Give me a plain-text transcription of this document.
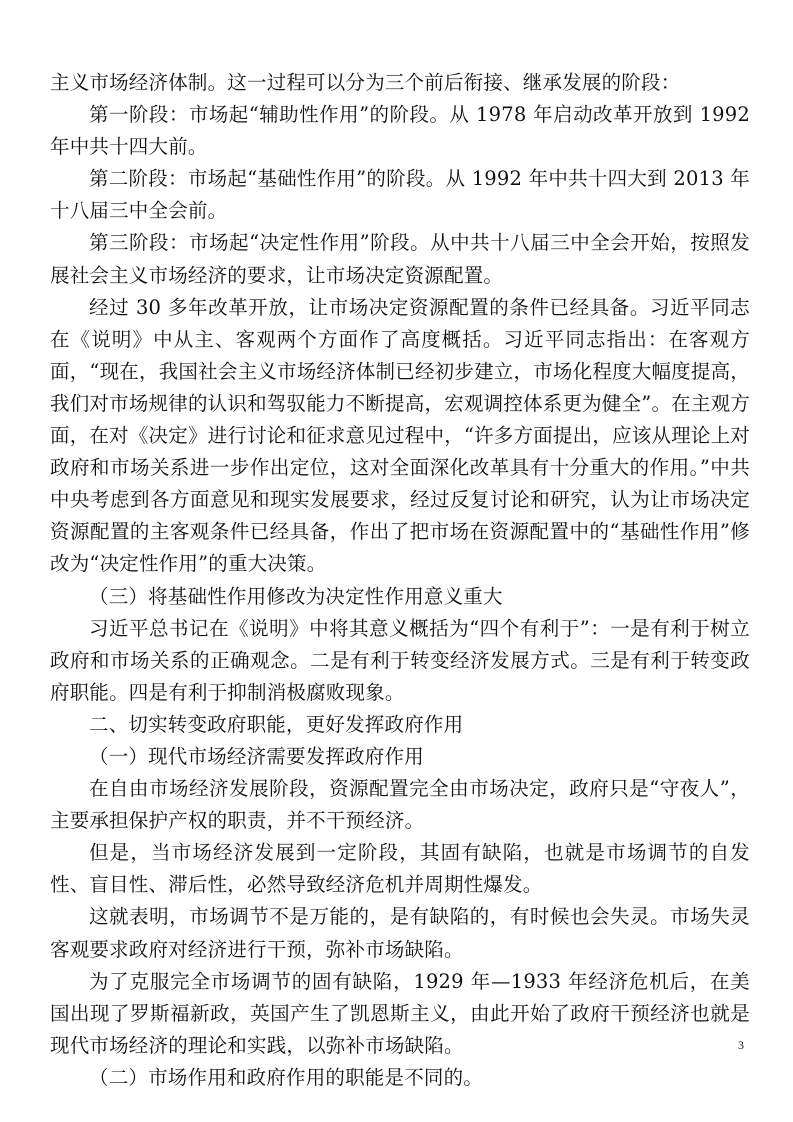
主义市场经济体制。这一过程可以分为三个前后衔接、继承发展的阶段：

第一阶段：市场起“辅助性作用”的阶段。从 1978 年启动改革开放到 1992 年中共十四大前。

第二阶段：市场起“基础性作用”的阶段。从 1992 年中共十四大到 2013 年十八届三中全会前。

第三阶段：市场起“决定性作用”阶段。从中共十八届三中全会开始，按照发展社会主义市场经济的要求，让市场决定资源配置。

经过 30 多年改革开放，让市场决定资源配置的条件已经具备。习近平同志在《说明》中从主、客观两个方面作了高度概括。习近平同志指出：在客观方面，“现在，我国社会主义市场经济体制已经初步建立，市场化程度大幅度提高，我们对市场规律的认识和驾驭能力不断提高，宏观调控体系更为健全”。在主观方面，在对《决定》进行讨论和征求意见过程中，“许多方面提出，应该从理论上对政府和市场关系进一步作出定位，这对全面深化改革具有十分重大的作用。”中共中央考虑到各方面意见和现实发展要求，经过反复讨论和研究，认为让市场决定资源配置的主客观条件已经具备，作出了把市场在资源配置中的“基础性作用”修改为“决定性作用”的重大决策。

（三）将基础性作用修改为决定性作用意义重大

习近平总书记在《说明》中将其意义概括为“四个有利于”：一是有利于树立政府和市场关系的正确观念。二是有利于转变经济发展方式。三是有利于转变政府职能。四是有利于抑制消极腐败现象。

二、切实转变政府职能，更好发挥政府作用

（一）现代市场经济需要发挥政府作用

在自由市场经济发展阶段，资源配置完全由市场决定，政府只是“守夜人”，主要承担保护产权的职责，并不干预经济。

但是，当市场经济发展到一定阶段，其固有缺陷，也就是市场调节的自发性、盲目性、滞后性，必然导致经济危机并周期性爆发。

这就表明，市场调节不是万能的，是有缺陷的，有时候也会失灵。市场失灵客观要求政府对经济进行干预，弥补市场缺陷。

为了克服完全市场调节的固有缺陷，1929 年—1933 年经济危机后，在美国出现了罗斯福新政，英国产生了凯恩斯主义，由此开始了政府干预经济也就是现代市场经济的理论和实践，以弥补市场缺陷。

（二）市场作用和政府作用的职能是不同的。

3
